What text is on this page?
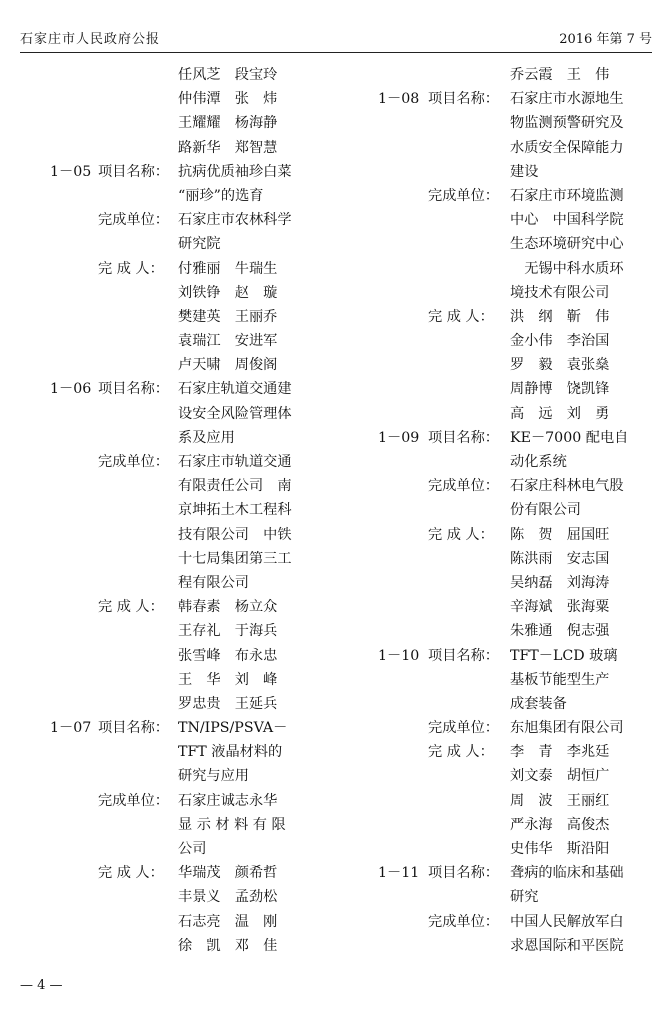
石家庄市人民政府公报	2016 年第 7 号
任风芝　段宝玲
仲伟潭　张　炜
王耀耀　杨海静
路新华　郑智慧
1－05 项目名称： 抗病优质袖珍白菜
“丽珍”的选育
完成单位： 石家庄市农林科学
研究院
完 成 人： 付雅丽　牛瑞生
刘铁铮　赵　璇
樊建英　王丽乔
袁瑞江　安进军
卢天啸　周俊阁
1－06 项目名称： 石家庄轨道交通建
设安全风险管理体
系及应用
完成单位： 石家庄市轨道交通
有限责任公司　南
京坤拓土木工程科
技有限公司　中铁
十七局集团第三工
程有限公司
完 成 人： 韩春素　杨立众
王存礼　于海兵
张雪峰　布永忠
王　华　刘　峰
罗忠贵　王延兵
1－07 项目名称： TN/IPS/PSVA－
TFT 液晶材料的
研究与应用
完成单位： 石家庄诚志永华
显 示 材 料 有 限
公司
完 成 人： 华瑞茂　颜希哲
丰景义　孟劲松
石志亮　温　刚
徐　凯　邓　佳
乔云霞　王　伟
1－08 项目名称： 石家庄市水源地生
物监测预警研究及
水质安全保障能力
建设
完成单位： 石家庄市环境监测
中心　中国科学院
生态环境研究中心
　无锡中科水质环
境技术有限公司
完 成 人： 洪　纲　靳　伟
金小伟　李治国
罗　毅　袁张燊
周静博　饶凯锋
高　远　刘　勇
1－09 项目名称： KE－7000 配电自
动化系统
完成单位： 石家庄科林电气股
份有限公司
完 成 人： 陈　贺　屈国旺
陈洪雨　安志国
吴纳磊　刘海涛
辛海斌　张海粟
朱雅通　倪志强
1－10 项目名称： TFT－LCD 玻璃
基板节能型生产
成套装备
完成单位： 东旭集团有限公司
完 成 人： 李　青　李兆廷
刘文泰　胡恒广
周　波　王丽红
严永海　高俊杰
史伟华　斯沿阳
1－11 项目名称： 聋病的临床和基础
研究
完成单位： 中国人民解放军白
求恩国际和平医院
— 4 —
